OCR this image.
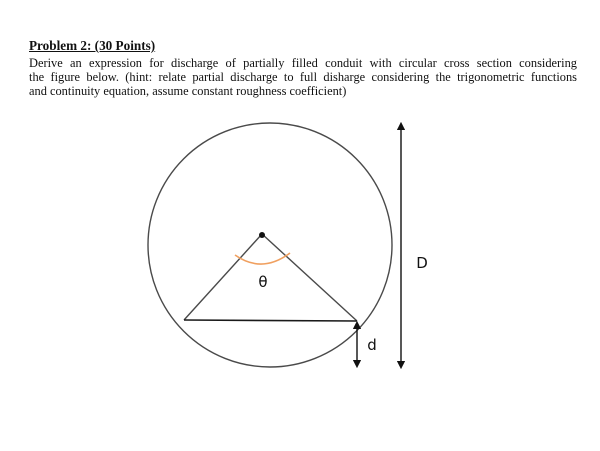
Problem 2: (30 Points)

Derive an expression for discharge of partially filled conduit with circular cross section considering
the figure below. (hint: relate partial discharge to full disharge considering the trigonometric functions
and continuity equation, assume constant roughness coefficient)
θ
D
d
